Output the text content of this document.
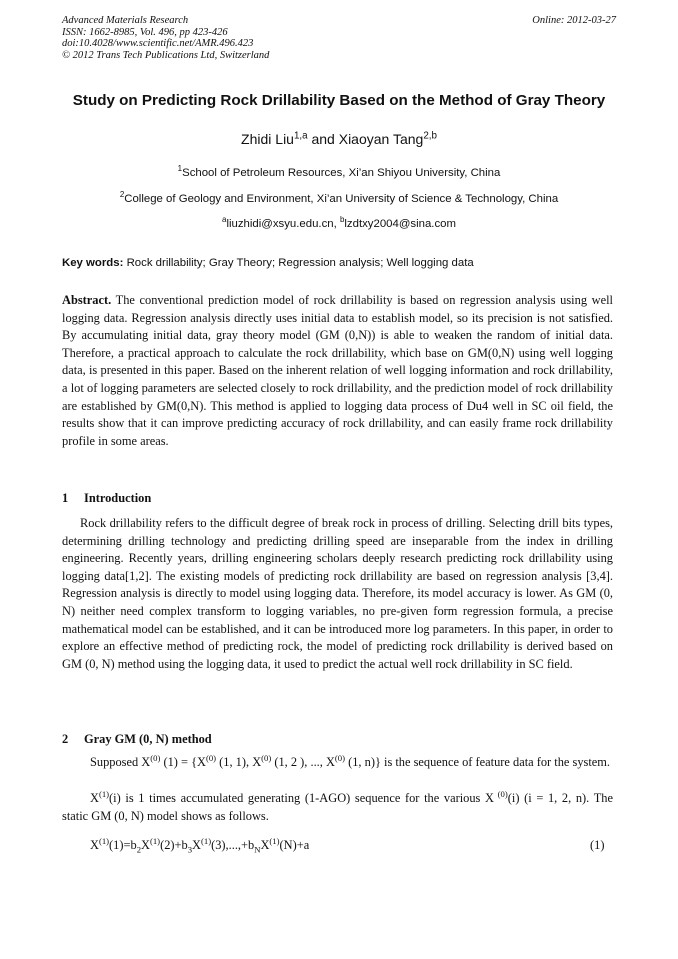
Advanced Materials Research
ISSN: 1662-8985, Vol. 496, pp 423-426
doi:10.4028/www.scientific.net/AMR.496.423
© 2012 Trans Tech Publications Ltd, Switzerland
Online: 2012-03-27
Study on Predicting Rock Drillability Based on the Method of Gray Theory
Zhidi Liu$^{1,a}$ and Xiaoyan Tang$^{2,b}$
$^1$School of Petroleum Resources, Xi’an Shiyou University, China
$^2$College of Geology and Environment, Xi’an University of Science & Technology, China
$^a$liuzhidi@xsyu.edu.cn, $^b$lzdtxy2004@sina.com
Key words: Rock drillability; Gray Theory; Regression analysis; Well logging data
Abstract. The conventional prediction model of rock drillability is based on regression analysis using well logging data. Regression analysis directly uses initial data to establish model, so its precision is not satisfied. By accumulating initial data, gray theory model (GM (0,N)) is able to weaken the random of initial data. Therefore, a practical approach to calculate the rock drillability, which base on GM(0,N) using well logging data, is presented in this paper. Based on the inherent relation of well logging information and rock drillability, a lot of logging parameters are selected closely to rock drillability, and the prediction model of rock drillability are established by GM(0,N). This method is applied to logging data process of Du4 well in SC oil field, the results show that it can improve predicting accuracy of rock drillability, and can easily frame rock drillability profile in some areas.
1 Introduction
Rock drillability refers to the difficult degree of break rock in process of drilling. Selecting drill bits types, determining drilling technology and predicting drilling speed are inseparable from the index in drilling engineering. Recently years, drilling engineering scholars deeply research predicting rock drillability using logging data[1,2]. The existing models of predicting rock drillability are based on regression analysis [3,4]. Regression analysis is directly to model using logging data. Therefore, its model accuracy is lower. As GM (0, N) neither need complex transform to logging variables, no pre-given form regression formula, a precise mathematical model can be established, and it can be introduced more log parameters. In this paper, in order to explore an effective method of predicting rock, the model of predicting rock drillability is derived based on GM (0, N) method using the logging data, it used to predict the actual well rock drillability in SC field.
2 Gray GM (0, N) method
Supposed $X^{(0)}$ $(1) = \{X^{(0)}$ (1, 1), $X^{(0)}$ (1, 2 ), ..., $X^{(0)}$ (1, n)} is the sequence of feature data for the system.
$X^{(1)}(i)$ is 1 times accumulated generating (1-AGO) sequence for the various X $^{(0)}$(i) (i = 1, 2, n). The static GM (0, N) model shows as follows.
$X^{(1)}(1)=b_2X^{(1)}(2)+b_3X^{(1)}(3),...,+b_NX^{(1)}(N)+a$	(1)
